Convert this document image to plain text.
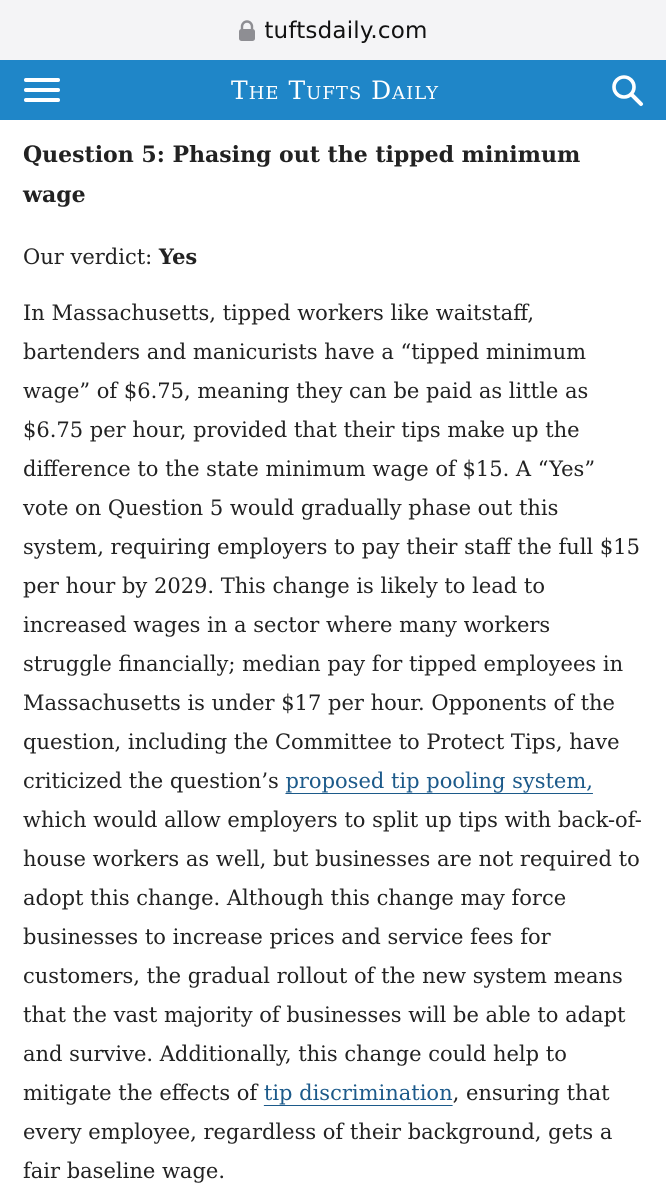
tuftsdaily.com
The Tufts Daily
Question 5: Phasing out the tipped minimum wage

Our verdict: Yes

In Massachusetts, tipped workers like waitstaff, bartenders and manicurists have a “tipped minimum wage” of $6.75, meaning they can be paid as little as $6.75 per hour, provided that their tips make up the difference to the state minimum wage of $15. A “Yes” vote on Question 5 would gradually phase out this system, requiring employers to pay their staff the full $15 per hour by 2029. This change is likely to lead to increased wages in a sector where many workers struggle financially; median pay for tipped employees in Massachusetts is under $17 per hour. Opponents of the question, including the Committee to Protect Tips, have criticized the question’s proposed tip pooling system, which would allow employers to split up tips with back-of-house workers as well, but businesses are not required to adopt this change. Although this change may force businesses to increase prices and service fees for customers, the gradual rollout of the new system means that the vast majority of businesses will be able to adapt and survive. Additionally, this change could help to mitigate the effects of tip discrimination, ensuring that every employee, regardless of their background, gets a fair baseline wage.
